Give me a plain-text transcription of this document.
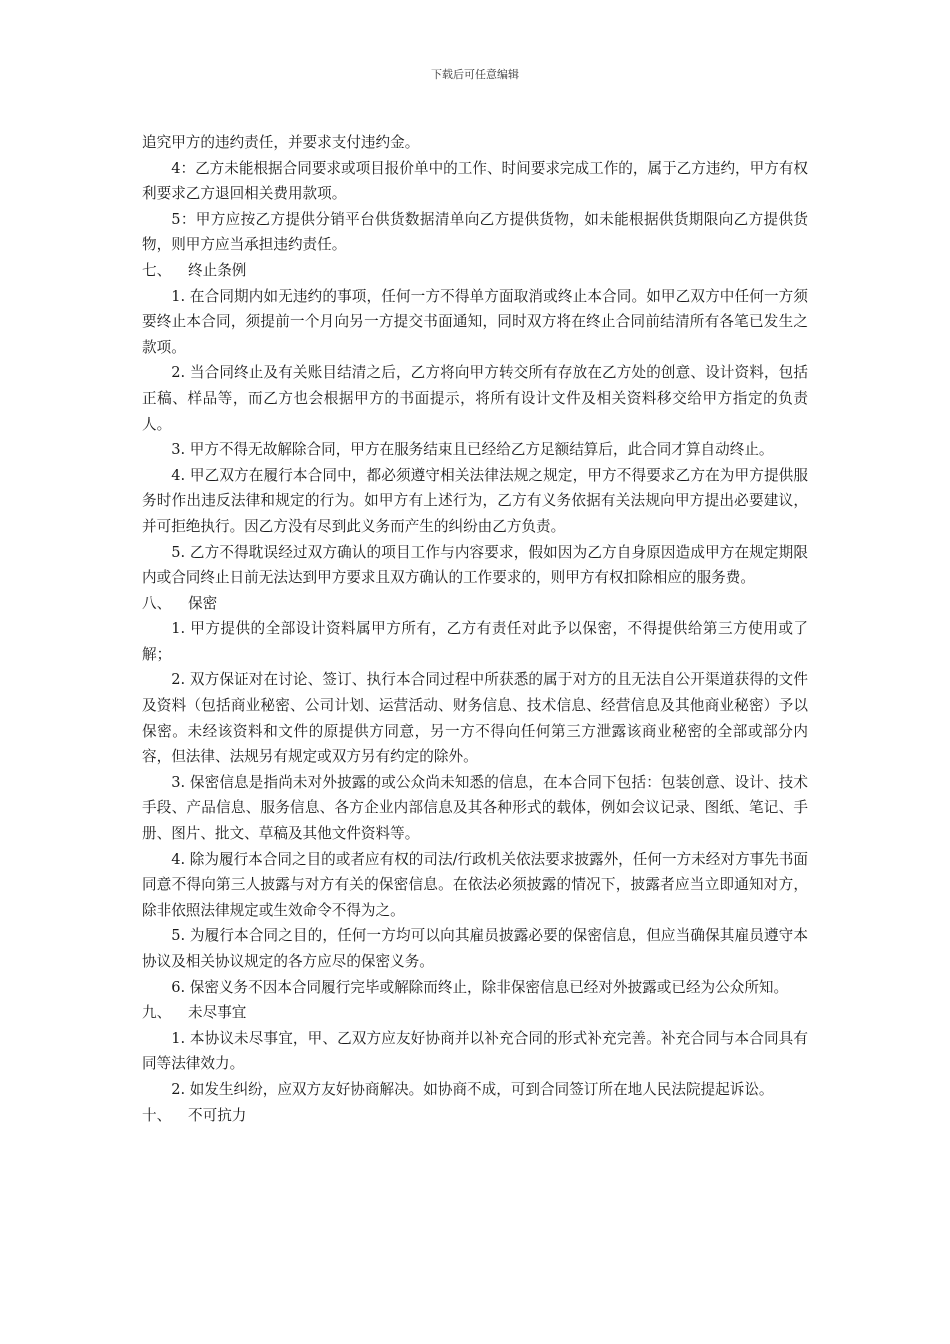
下载后可任意编辑
追究甲方的违约责任，并要求支付违约金。
4：乙方未能根据合同要求或项目报价单中的工作、时间要求完成工作的，属于乙方违约，甲方有权利要求乙方退回相关费用款项。
5：甲方应按乙方提供分销平台供货数据清单向乙方提供货物，如未能根据供货期限向乙方提供货物，则甲方应当承担违约责任。
七、 终止条例
1. 在合同期内如无违约的事项，任何一方不得单方面取消或终止本合同。如甲乙双方中任何一方须要终止本合同，须提前一个月向另一方提交书面通知，同时双方将在终止合同前结清所有各笔已发生之款项。
2. 当合同终止及有关账目结清之后，乙方将向甲方转交所有存放在乙方处的创意、设计资料，包括正稿、样品等，而乙方也会根据甲方的书面提示，将所有设计文件及相关资料移交给甲方指定的负责人。
3. 甲方不得无故解除合同，甲方在服务结束且已经给乙方足额结算后，此合同才算自动终止。
4. 甲乙双方在履行本合同中，都必须遵守相关法律法规之规定，甲方不得要求乙方在为甲方提供服务时作出违反法律和规定的行为。如甲方有上述行为，乙方有义务依据有关法规向甲方提出必要建议，并可拒绝执行。因乙方没有尽到此义务而产生的纠纷由乙方负责。
5. 乙方不得耽误经过双方确认的项目工作与内容要求，假如因为乙方自身原因造成甲方在规定期限内或合同终止日前无法达到甲方要求且双方确认的工作要求的，则甲方有权扣除相应的服务费。
八、 保密
1. 甲方提供的全部设计资料属甲方所有，乙方有责任对此予以保密，不得提供给第三方使用或了解；
2. 双方保证对在讨论、签订、执行本合同过程中所获悉的属于对方的且无法自公开渠道获得的文件及资料（包括商业秘密、公司计划、运营活动、财务信息、技术信息、经营信息及其他商业秘密）予以保密。未经该资料和文件的原提供方同意，另一方不得向任何第三方泄露该商业秘密的全部或部分内容，但法律、法规另有规定或双方另有约定的除外。
3. 保密信息是指尚未对外披露的或公众尚未知悉的信息，在本合同下包括：包装创意、设计、技术手段、产品信息、服务信息、各方企业内部信息及其各种形式的载体，例如会议记录、图纸、笔记、手册、图片、批文、草稿及其他文件资料等。
4. 除为履行本合同之目的或者应有权的司法/行政机关依法要求披露外，任何一方未经对方事先书面同意不得向第三人披露与对方有关的保密信息。在依法必须披露的情况下，披露者应当立即通知对方，除非依照法律规定或生效命令不得为之。
5. 为履行本合同之目的，任何一方均可以向其雇员披露必要的保密信息，但应当确保其雇员遵守本协议及相关协议规定的各方应尽的保密义务。
6. 保密义务不因本合同履行完毕或解除而终止，除非保密信息已经对外披露或已经为公众所知。
九、 未尽事宜
1. 本协议未尽事宜，甲、乙双方应友好协商并以补充合同的形式补充完善。补充合同与本合同具有同等法律效力。
2. 如发生纠纷，应双方友好协商解决。如协商不成，可到合同签订所在地人民法院提起诉讼。
十、 不可抗力
